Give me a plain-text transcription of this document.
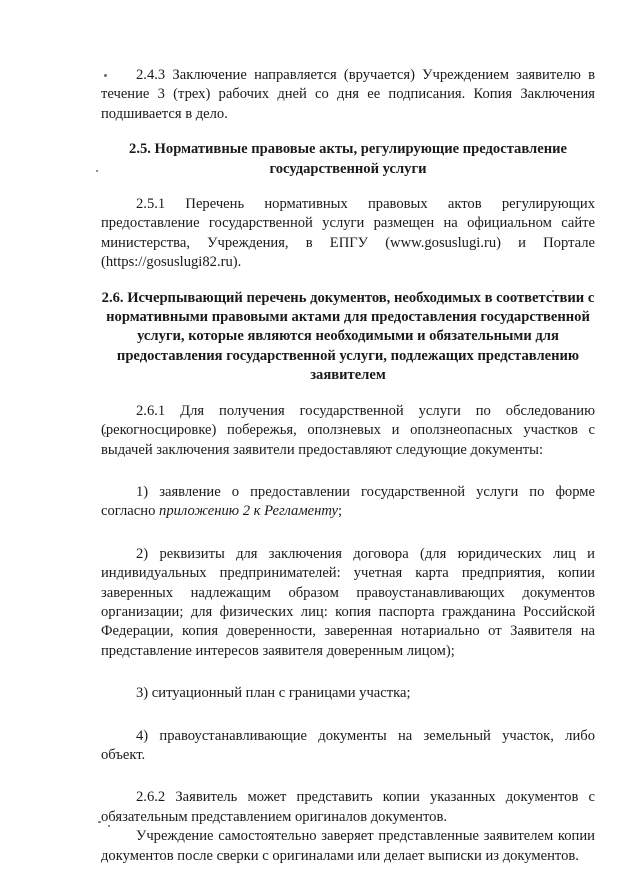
2.4.3 Заключение направляется (вручается) Учреждением заявителю в течение 3 (трех) рабочих дней со дня ее подписания. Копия Заключения подшивается в дело.

2.5. Нормативные правовые акты, регулирующие предоставление государственной услуги

2.5.1 Перечень нормативных правовых актов регулирующих предоставление государственной услуги размещен на официальном сайте министерства, Учреждения, в ЕПГУ (www.gosuslugi.ru) и Портале (https://gosuslugi82.ru).

2.6. Исчерпывающий перечень документов, необходимых в соответствии с нормативными правовыми актами для предоставления государственной услуги, которые являются необходимыми и обязательными для предоставления государственной услуги, подлежащих представлению заявителем

2.6.1 Для получения государственной услуги по обследованию (рекогносцировке) побережья, оползневых и оползнеопасных участков с выдачей заключения заявители предоставляют следующие документы:

1) заявление о предоставлении государственной услуги по форме согласно приложению 2 к Регламенту;

2) реквизиты для заключения договора (для юридических лиц и индивидуальных предпринимателей: учетная карта предприятия, копии заверенных надлежащим образом правоустанавливающих документов организации; для физических лиц: копия паспорта гражданина Российской Федерации, копия доверенности, заверенная нотариально от Заявителя на представление интересов заявителя доверенным лицом);

3) ситуационный план с границами участка;

4) правоустанавливающие документы на земельный участок, либо объект.

2.6.2 Заявитель может представить копии указанных документов с обязательным представлением оригиналов документов.

Учреждение самостоятельно заверяет представленные заявителем копии документов после сверки с оригиналами или делает выписки из документов.
